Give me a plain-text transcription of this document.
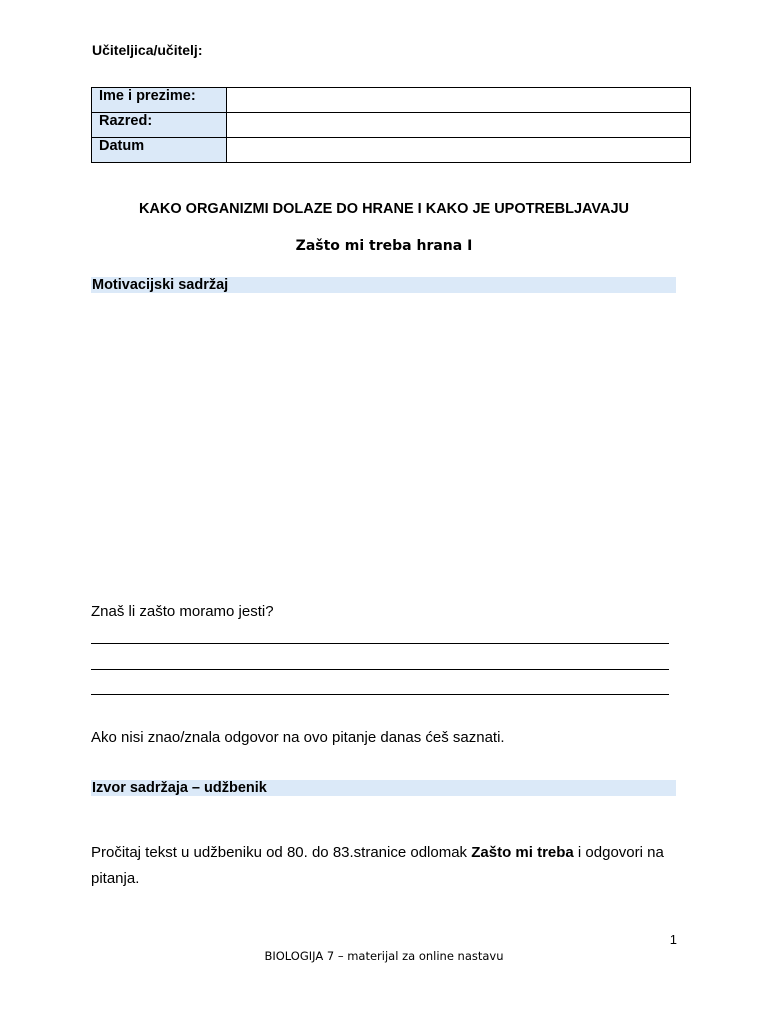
Učiteljica/učitelj:
Ime i prezime:	
Razred:	
Datum	
KAKO ORGANIZMI DOLAZE DO HRANE I KAKO JE UPOTREBLJAVAJU
Zašto mi treba hrana I
Motivacijski sadržaj
Znaš li zašto moramo jesti?
Ako nisi znao/znala odgovor na ovo pitanje danas ćeš saznati.
Izvor sadržaja – udžbenik
Pročitaj tekst u udžbeniku od 80. do 83.stranice odlomak Zašto mi treba i odgovori na pitanja.
1
BIOLOGIJA 7 – materijal za online nastavu
